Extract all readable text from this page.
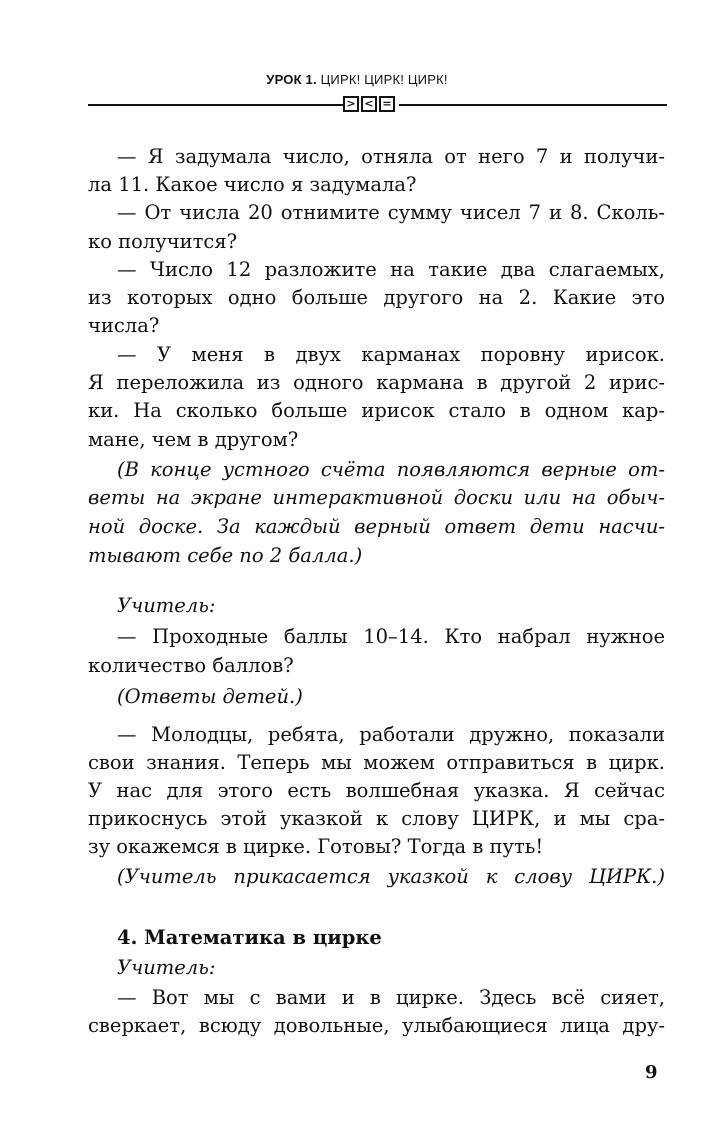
УРОК 1. ЦИРК! ЦИРК! ЦИРК!
> < =
— Я задумала число, отняла от него 7 и получи-
ла 11. Какое число я задумала?
— От числа 20 отнимите сумму чисел 7 и 8. Сколь-
ко получится?
— Число 12 разложите на такие два слагаемых,
из которых одно больше другого на 2. Какие это
числа?
— У меня в двух карманах поровну ирисок.
Я переложила из одного кармана в другой 2 ирис-
ки. На сколько больше ирисок стало в одном кар-
мане, чем в другом?
(В конце устного счёта появляются верные от-
веты на экране интерактивной доски или на обыч-
ной доске. За каждый верный ответ дети насчи-
тывают себе по 2 балла.)
Учитель:
— Проходные баллы 10–14. Кто набрал нужное
количество баллов?
(Ответы детей.)
— Молодцы, ребята, работали дружно, показали
свои знания. Теперь мы можем отправиться в цирк.
У нас для этого есть волшебная указка. Я сейчас
прикоснусь этой указкой к слову ЦИРК, и мы сра-
зу окажемся в цирке. Готовы? Тогда в путь!
(Учитель прикасается указкой к слову ЦИРК.)
4. Математика в цирке
Учитель:
— Вот мы с вами и в цирке. Здесь всё сияет,
сверкает, всюду довольные, улыбающиеся лица дру-
9
